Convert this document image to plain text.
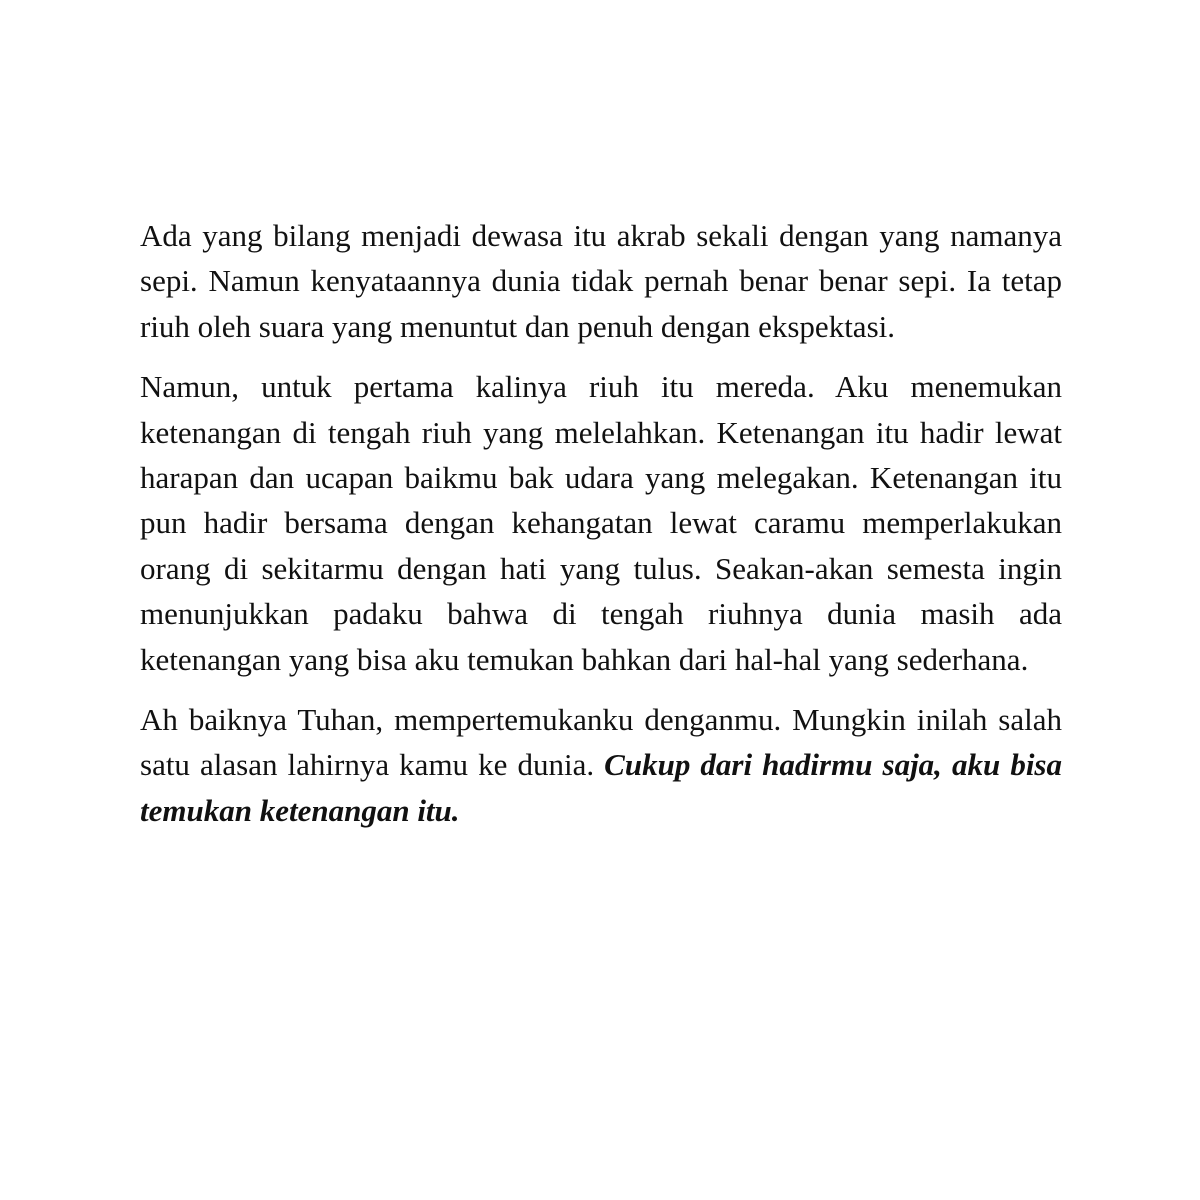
Ada yang bilang menjadi dewasa itu akrab sekali dengan yang namanya sepi. Namun kenyataannya dunia tidak pernah benar benar sepi. Ia tetap riuh oleh suara yang menuntut dan penuh dengan ekspektasi.

Namun, untuk pertama kalinya riuh itu mereda. Aku menemukan ketenangan di tengah riuh yang melelahkan. Ketenangan itu hadir lewat harapan dan ucapan baikmu bak udara yang melegakan. Ketenangan itu pun hadir bersama dengan kehangatan lewat caramu memperlakukan orang di sekitarmu dengan hati yang tulus. Seakan-akan semesta ingin menunjukkan padaku bahwa di tengah riuhnya dunia masih ada ketenangan yang bisa aku temukan bahkan dari hal-hal yang sederhana.

Ah baiknya Tuhan, mempertemukanku denganmu. Mungkin inilah salah satu alasan lahirnya kamu ke dunia. Cukup dari hadirmu saja, aku bisa temukan ketenangan itu.
